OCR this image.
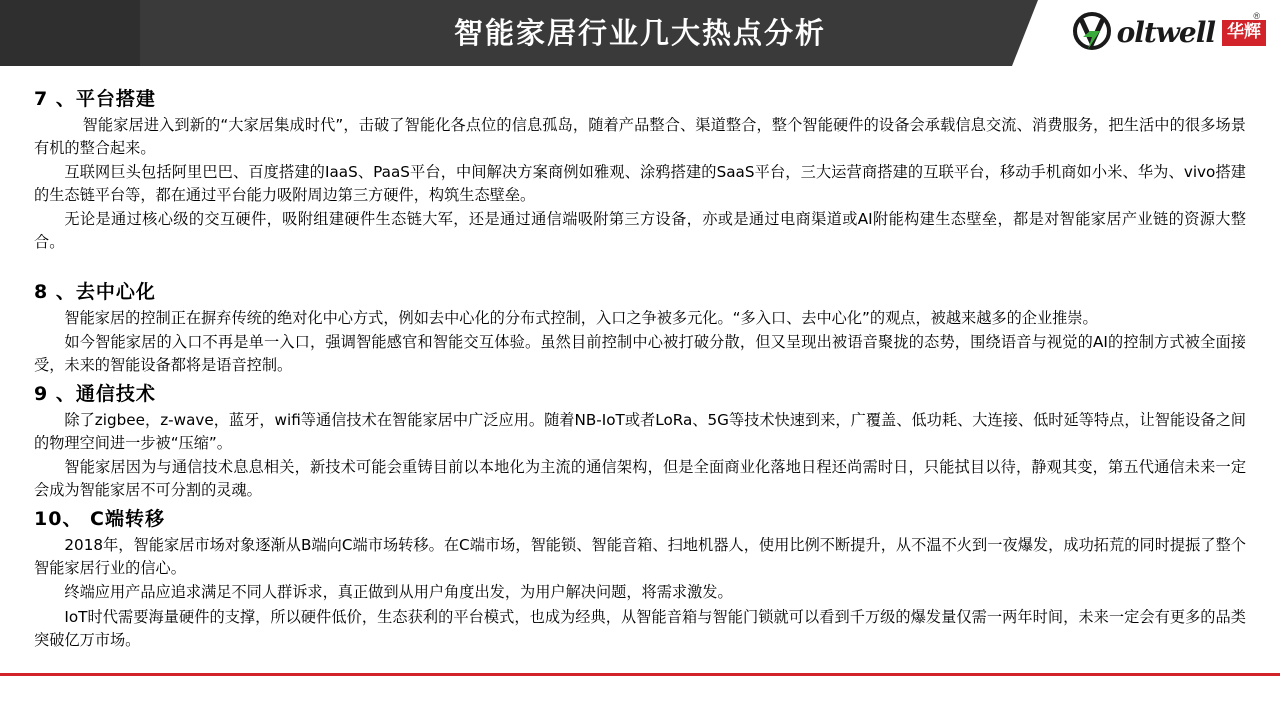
智能家居行业几大热点分析	oltwell 华辉
®
7 、平台搭建

智能家居进入到新的“大家居集成时代”，击破了智能化各点位的信息孤岛，随着产品整合、渠道整合，整个智能硬件的设备会承载信息交流、消费服务，把生活中的很多场景有机的整合起来。

互联网巨头包括阿里巴巴、百度搭建的IaaS、PaaS平台，中间解决方案商例如雅观、涂鸦搭建的SaaS平台，三大运营商搭建的互联平台，移动手机商如小米、华为、vivo搭建的生态链平台等，都在通过平台能力吸附周边第三方硬件，构筑生态壁垒。

无论是通过核心级的交互硬件，吸附组建硬件生态链大军，还是通过通信端吸附第三方设备，亦或是通过电商渠道或AI附能构建生态壁垒，都是对智能家居产业链的资源大整合。

8 、去中心化

智能家居的控制正在摒弃传统的绝对化中心方式，例如去中心化的分布式控制，入口之争被多元化。“多入口、去中心化”的观点，被越来越多的企业推崇。

如今智能家居的入口不再是单一入口，强调智能感官和智能交互体验。虽然目前控制中心被打破分散，但又呈现出被语音聚拢的态势，围绕语音与视觉的AI的控制方式被全面接受，未来的智能设备都将是语音控制。

9 、通信技术

除了zigbee，z-wave，蓝牙，wifi等通信技术在智能家居中广泛应用。随着NB-IoT或者LoRa、5G等技术快速到来，广覆盖、低功耗、大连接、低时延等特点，让智能设备之间的物理空间进一步被“压缩”。

智能家居因为与通信技术息息相关，新技术可能会重铸目前以本地化为主流的通信架构，但是全面商业化落地日程还尚需时日，只能拭目以待，静观其变，第五代通信未来一定会成为智能家居不可分割的灵魂。

10、 C端转移

2018年，智能家居市场对象逐渐从B端向C端市场转移。在C端市场，智能锁、智能音箱、扫地机器人，使用比例不断提升，从不温不火到一夜爆发，成功拓荒的同时提振了整个智能家居行业的信心。

终端应用产品应追求满足不同人群诉求，真正做到从用户角度出发，为用户解决问题，将需求激发。

IoT时代需要海量硬件的支撑，所以硬件低价，生态获利的平台模式，也成为经典，从智能音箱与智能门锁就可以看到千万级的爆发量仅需一两年时间，未来一定会有更多的品类突破亿万市场。
